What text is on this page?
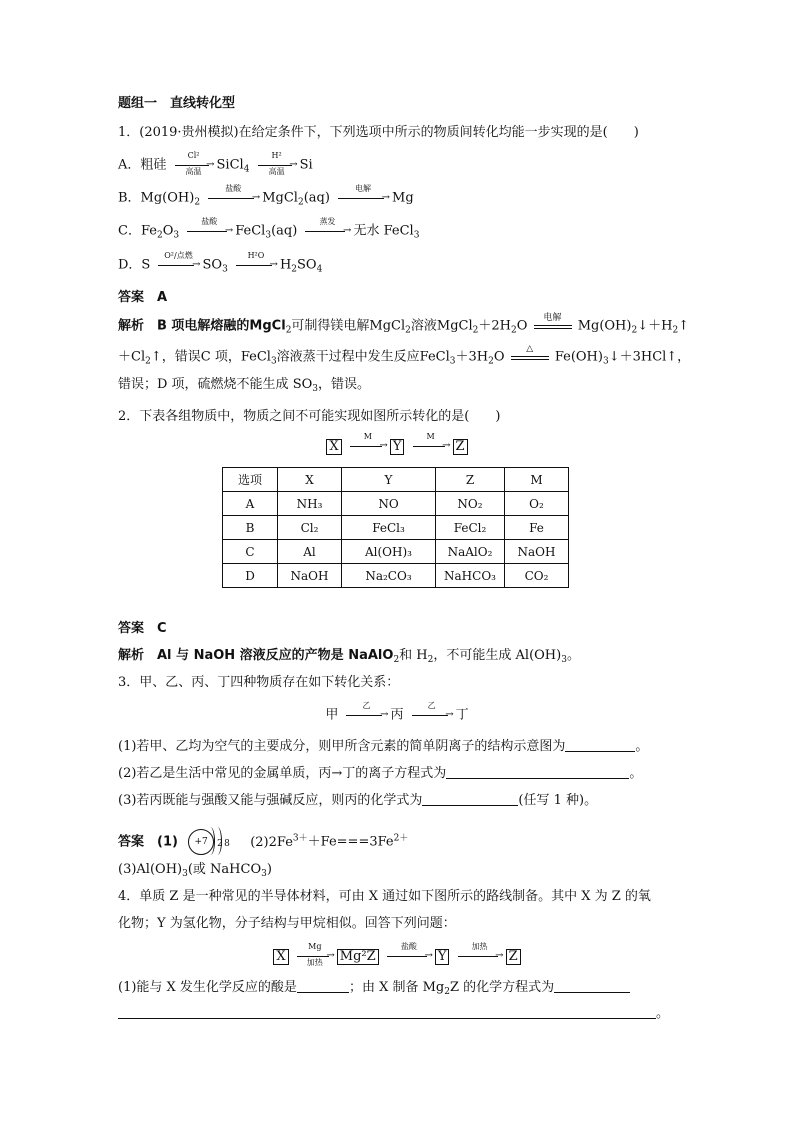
题组一　直线转化型
1．(2019·贵州模拟)在给定条件下，下列选项中所示的物质间转化均能一步实现的是(　　)
A．粗硅
Cl²
→
高温	SiCl$_4$
H²
→
高温	Si
B．$Mg(OH)_2$
盐酸
→ MgCl$_2$(aq)
电解
→ Mg
C．$Fe_2O_3$
盐酸
→ FeCl$_3$(aq)
蒸发
→ 无水 FeCl$_3$
D．S
O²/点燃
→ $SO_3$
H²O
→ $H_2SO_4$
答案　A
解析　B 项电解熔融的MgCl$_2$可制得镁电解MgCl$_2$溶液$MgCl_2+2H_2O$
电解
$Mg(OH)_2↓+H_2↑$
$+Cl_2↑$，错误C 项，FeCl$_3$溶液蒸干过程中发生反应$FeCl_3+3H_2O$
△
$Fe(OH)_3↓+3HCl↑$，
错误；D 项，硫燃烧不能生成 $SO_3$，错误。
2．下表各组物质中，物质之间不可能实现如图所示转化的是(　　)
X
M
→ Y
M
→ Z
选项	X	Y	Z	M
A	NH₃	NO	NO₂	O₂
B	Cl₂	FeCl₃	FeCl₂	Fe
C	Al	Al(OH)₃	NaAlO₂	NaOH
D	NaOH	Na₂CO₃	NaHCO₃	CO₂
答案　C
解析　Al 与 NaOH 溶液反应的产物是 NaAlO$_2$和 $H_2$，不可能生成 $Al(OH)_3$。
3．甲、乙、丙、丁四种物质存在如下转化关系：
甲
乙
→ 丙
乙
→ 丁
(1)若甲、乙均为空气的主要成分，则甲所含元素的简单阴离子的结构示意图为	。
(2)若乙是生活中常见的金属单质，丙→丁的离子方程式为	。
(3)若丙既能与强酸又能与强碱反应，则丙的化学式为	(任写 1 种)。
答案　(1)	+7	2 8 $(2)2Fe^{3+}+Fe===3Fe^{2+}$
$(3)Al(OH)_3$(或 NaHCO$_3$)
4．单质 Z 是一种常见的半导体材料，可由 X 通过如下图所示的路线制备。其中 X 为 Z 的氧
化物；Y 为氢化物，分子结构与甲烷相似。回答下列问题：
X
Mg
→
加热	Mg²Z
盐酸
→ Y
加热
→ Z
(1)能与 X 发生化学反应的酸是	；由 X 制备 $Mg_2Z$ 的化学方程式为
。
